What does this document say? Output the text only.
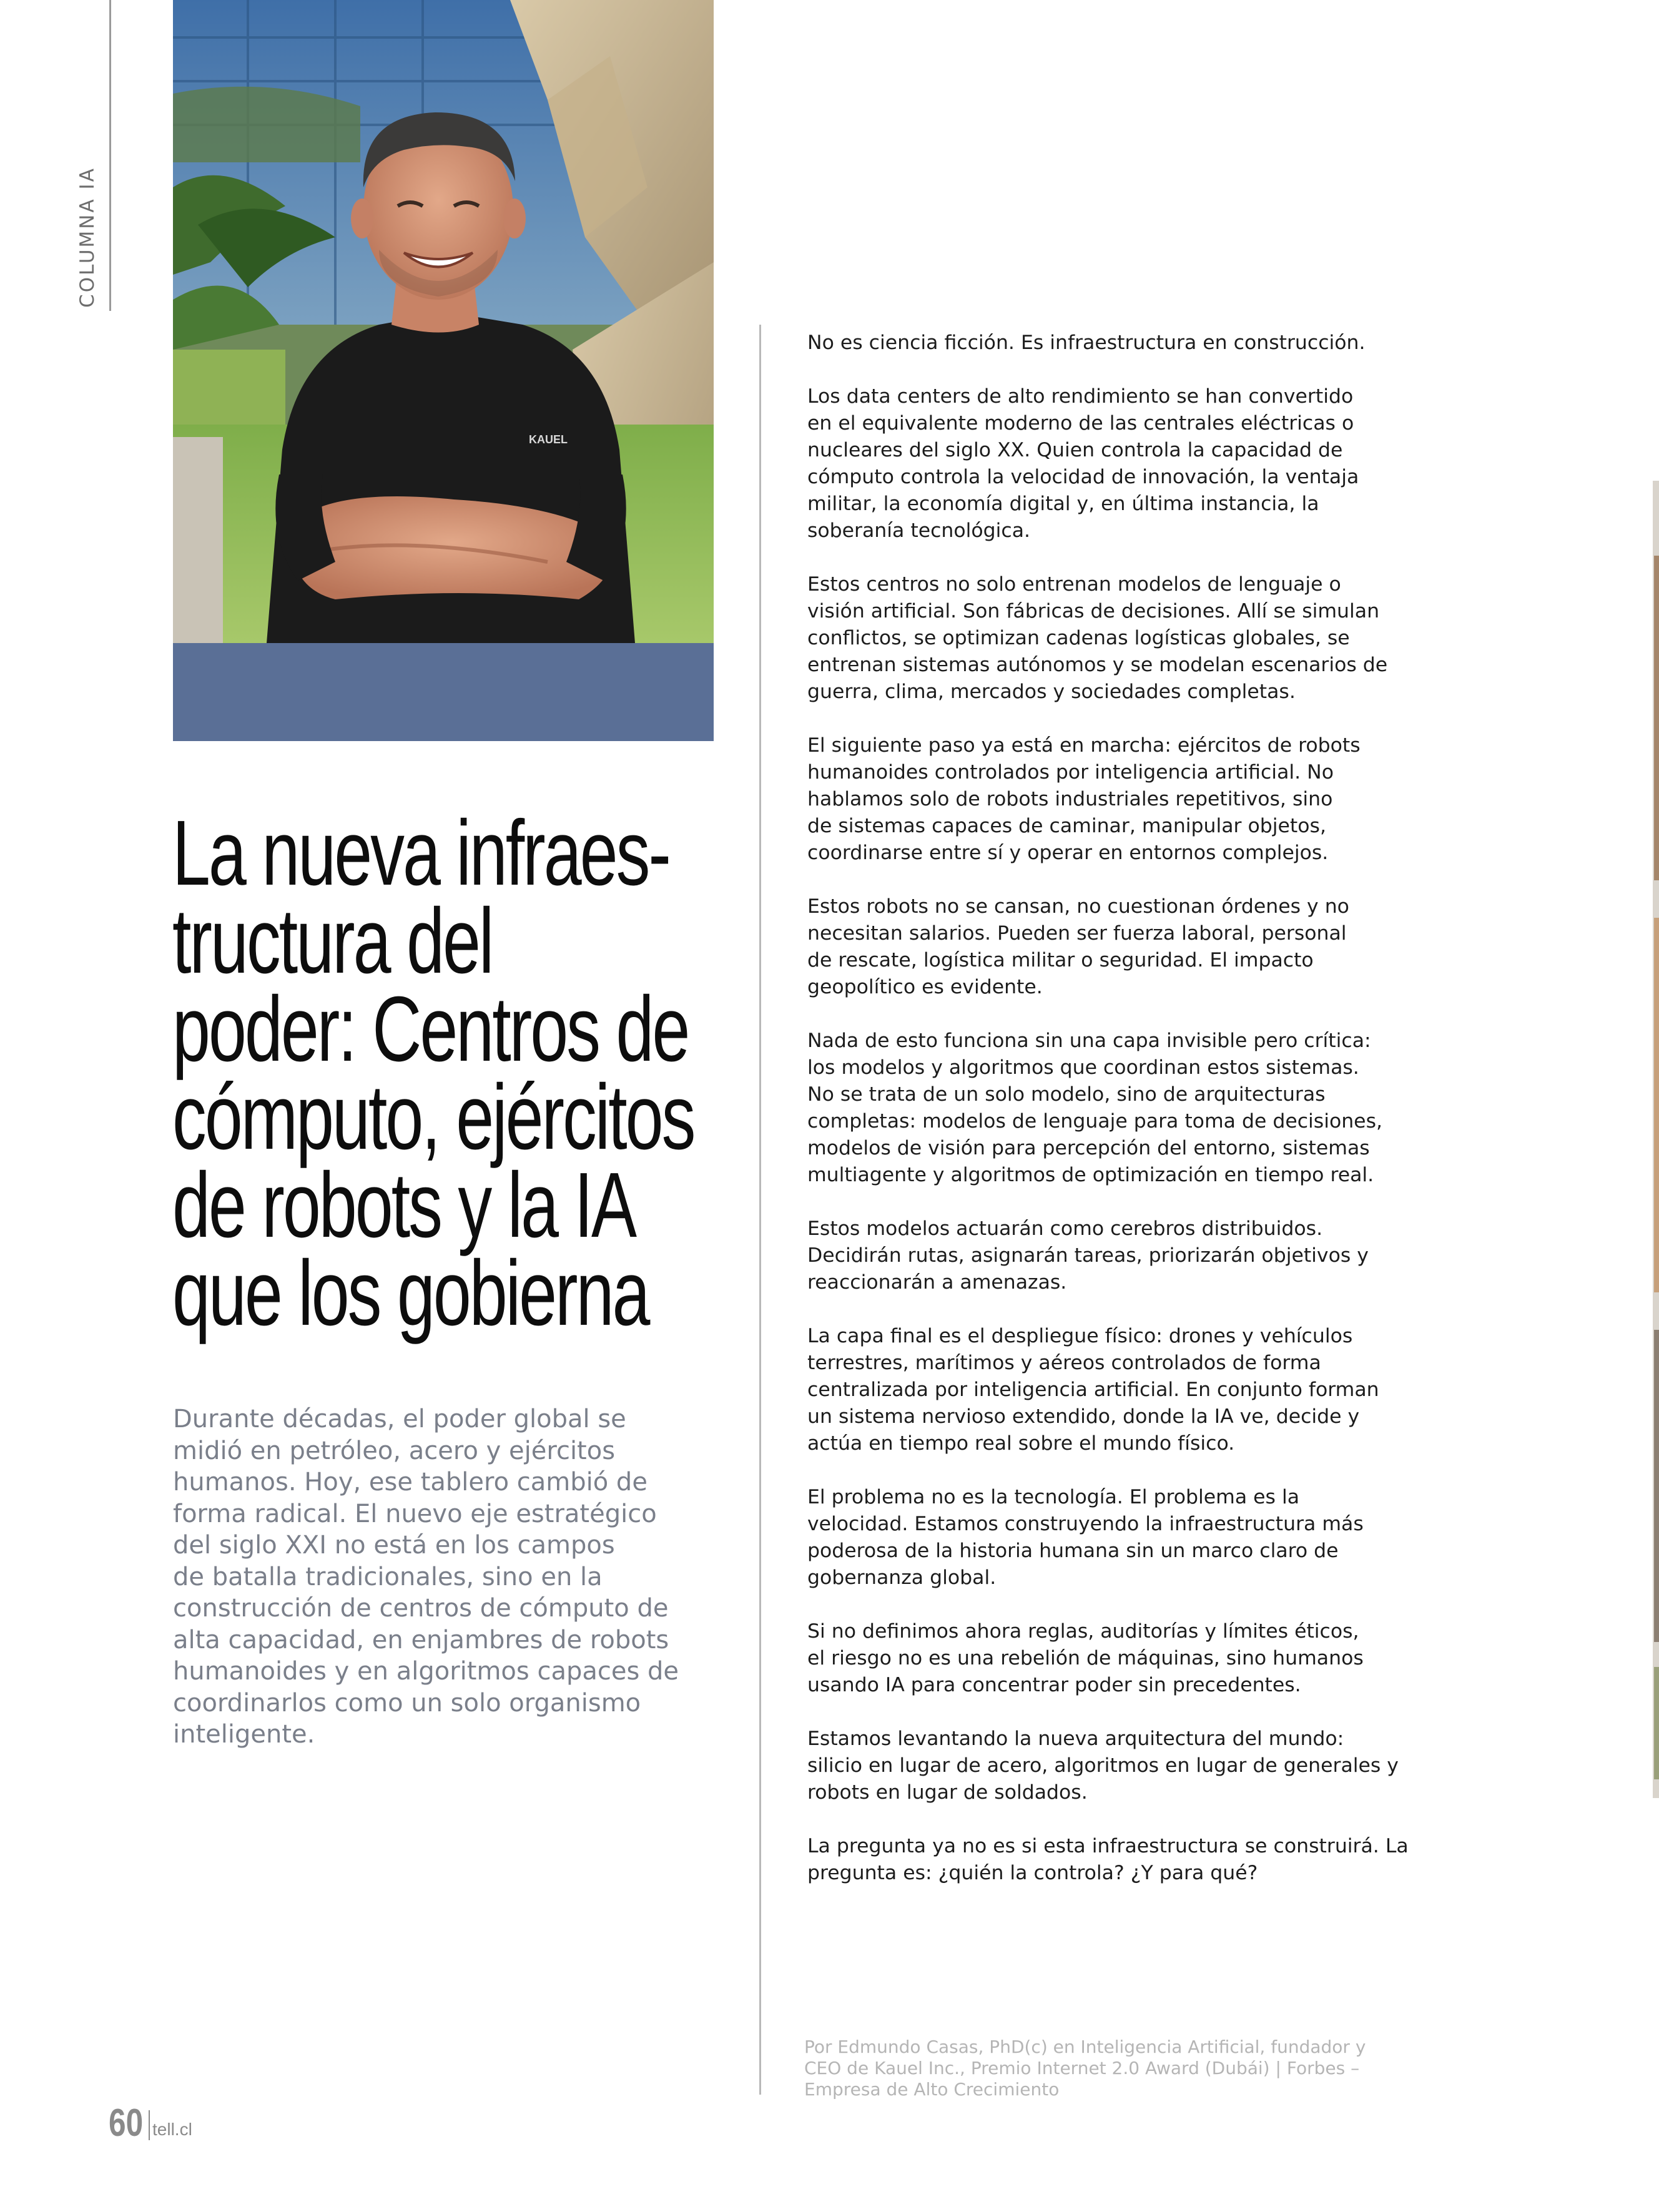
COLUMNA IA
KAUEL
La nueva infraes-
tructura del
poder: Centros de
cómputo, ejércitos
de robots y la IA
que los gobierna
Durante décadas, el poder global se
midió en petróleo, acero y ejércitos
humanos. Hoy, ese tablero cambió de
forma radical. El nuevo eje estratégico
del siglo XXI no está en los campos
de batalla tradicionales, sino en la
construcción de centros de cómputo de
alta capacidad, en enjambres de robots
humanoides y en algoritmos capaces de
coordinarlos como un solo organismo
inteligente.

No es ciencia ficción. Es infraestructura en construcción.

Los data centers de alto rendimiento se han convertido
en el equivalente moderno de las centrales eléctricas o
nucleares del siglo XX. Quien controla la capacidad de
cómputo controla la velocidad de innovación, la ventaja
militar, la economía digital y, en última instancia, la
soberanía tecnológica.

Estos centros no solo entrenan modelos de lenguaje o
visión artificial. Son fábricas de decisiones. Allí se simulan
conflictos, se optimizan cadenas logísticas globales, se
entrenan sistemas autónomos y se modelan escenarios de
guerra, clima, mercados y sociedades completas.

El siguiente paso ya está en marcha: ejércitos de robots
humanoides controlados por inteligencia artificial. No
hablamos solo de robots industriales repetitivos, sino
de sistemas capaces de caminar, manipular objetos,
coordinarse entre sí y operar en entornos complejos.

Estos robots no se cansan, no cuestionan órdenes y no
necesitan salarios. Pueden ser fuerza laboral, personal
de rescate, logística militar o seguridad. El impacto
geopolítico es evidente.

Nada de esto funciona sin una capa invisible pero crítica:
los modelos y algoritmos que coordinan estos sistemas.
No se trata de un solo modelo, sino de arquitecturas
completas: modelos de lenguaje para toma de decisiones,
modelos de visión para percepción del entorno, sistemas
multiagente y algoritmos de optimización en tiempo real.

Estos modelos actuarán como cerebros distribuidos.
Decidirán rutas, asignarán tareas, priorizarán objetivos y
reaccionarán a amenazas.

La capa final es el despliegue físico: drones y vehículos
terrestres, marítimos y aéreos controlados de forma
centralizada por inteligencia artificial. En conjunto forman
un sistema nervioso extendido, donde la IA ve, decide y
actúa en tiempo real sobre el mundo físico.

El problema no es la tecnología. El problema es la
velocidad. Estamos construyendo la infraestructura más
poderosa de la historia humana sin un marco claro de
gobernanza global.

Si no definimos ahora reglas, auditorías y límites éticos,
el riesgo no es una rebelión de máquinas, sino humanos
usando IA para concentrar poder sin precedentes.

Estamos levantando la nueva arquitectura del mundo:
silicio en lugar de acero, algoritmos en lugar de generales y
robots en lugar de soldados.

La pregunta ya no es si esta infraestructura se construirá. La
pregunta es: ¿quién la controla? ¿Y para qué?

Por Edmundo Casas, PhD(c) en Inteligencia Artificial, fundador y
CEO de Kauel Inc., Premio Internet 2.0 Award (Dubái) | Forbes –
Empresa de Alto Crecimiento
60 tell.cl
